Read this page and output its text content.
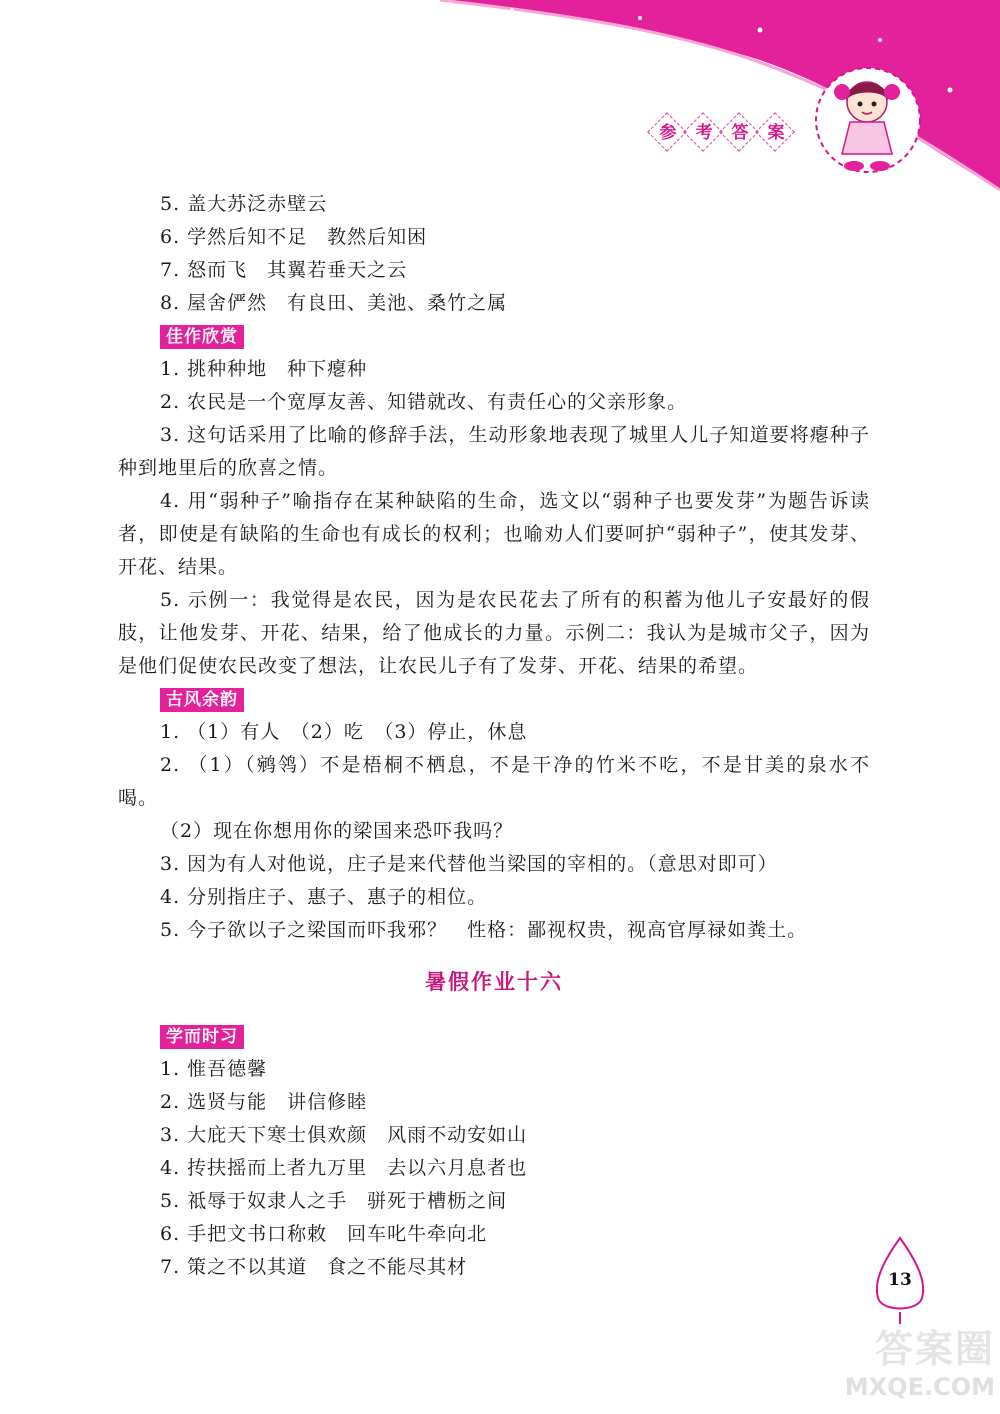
参 考 答 案

5. 盖大苏泛赤壁云

6. 学然后知不足　教然后知困

7. 怒而飞　其翼若垂天之云

8. 屋舍俨然　有良田、美池、桑竹之属

佳作欣赏

1. 挑种种地　种下瘪种

2. 农民是一个宽厚友善、知错就改、有责任心的父亲形象。

3. 这句话采用了比喻的修辞手法，生动形象地表现了城里人儿子知道要将瘪种子种到地里后的欣喜之情。

4. 用“弱种子”喻指存在某种缺陷的生命，选文以“弱种子也要发芽”为题告诉读者，即使是有缺陷的生命也有成长的权利；也喻劝人们要呵护“弱种子”，使其发芽、开花、结果。

5. 示例一：我觉得是农民，因为是农民花去了所有的积蓄为他儿子安最好的假肢，让他发芽、开花、结果，给了他成长的力量。示例二：我认为是城市父子，因为是他们促使农民改变了想法，让农民儿子有了发芽、开花、结果的希望。

古风余韵

1. （1）有人　（2）吃　（3）停止，休息

2. （1）（鹓鸰）不是梧桐不栖息，不是干净的竹米不吃，不是甘美的泉水不喝。

（2）现在你想用你的梁国来恐吓我吗？

3. 因为有人对他说，庄子是来代替他当梁国的宰相的。（意思对即可）

4. 分别指庄子、惠子、惠子的相位。

5. 今子欲以子之梁国而吓我邪？　性格：鄙视权贵，视高官厚禄如粪土。

暑假作业十六
学而时习

1. 惟吾德馨

2. 选贤与能　讲信修睦

3. 大庇天下寒士俱欢颜　风雨不动安如山

4. 抟扶摇而上者九万里　去以六月息者也

5. 祗辱于奴隶人之手　骈死于槽枥之间

6. 手把文书口称敕　回车叱牛牵向北

7. 策之不以其道　食之不能尽其材

13
答案圈
MXQE.COM
